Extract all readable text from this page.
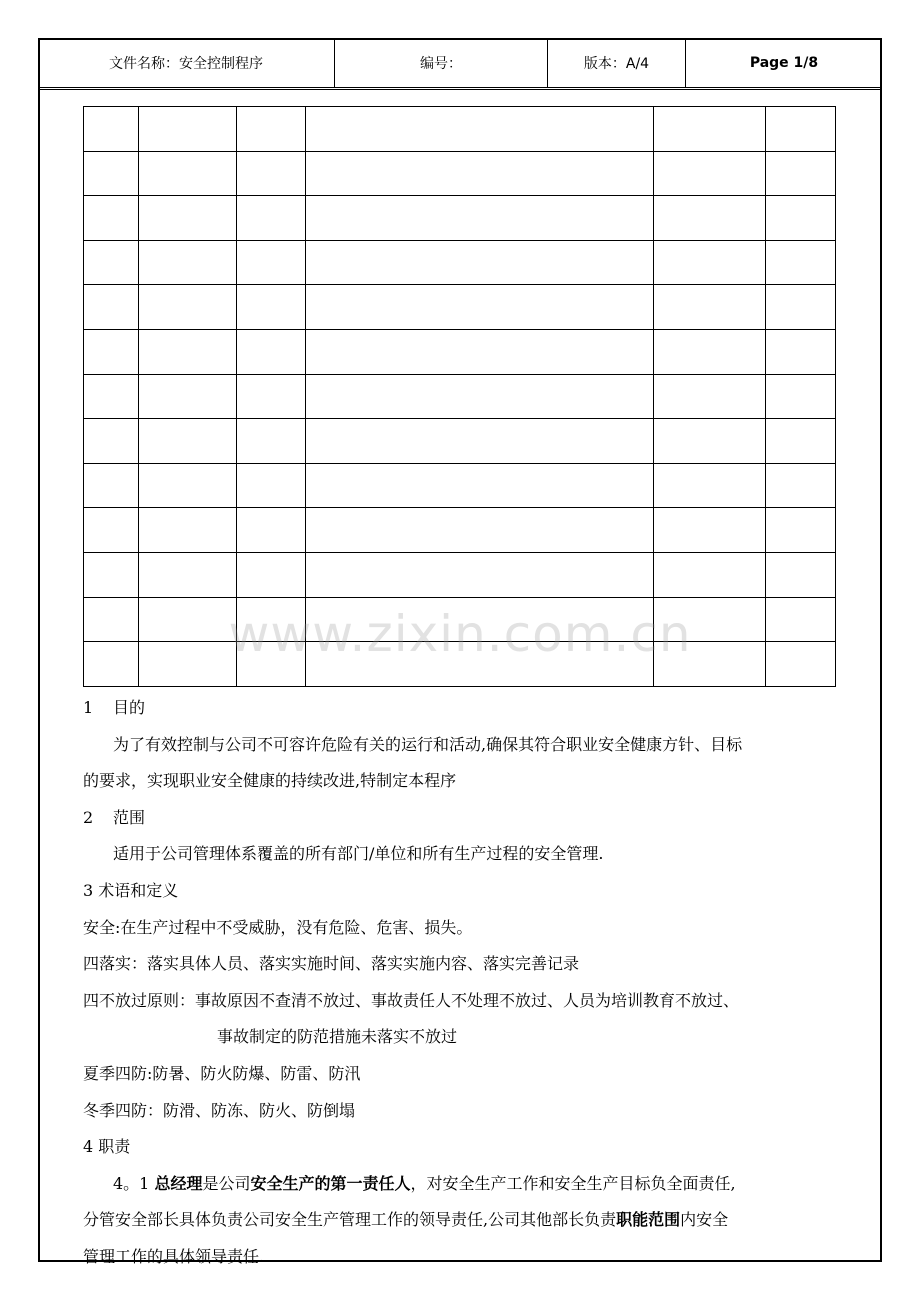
文件名称：安全控制程序	编号：	版本：A/4	Page 1/8

www.zixin.com.cn

1 目的

为了有效控制与公司不可容许危险有关的运行和活动,确保其符合职业安全健康方针、目标

的要求，实现职业安全健康的持续改进,特制定本程序

2 范围

适用于公司管理体系覆盖的所有部门/单位和所有生产过程的安全管理.

3 术语和定义

安全:在生产过程中不受威胁，没有危险、危害、损失。

四落实：落实具体人员、落实实施时间、落实实施内容、落实完善记录

四不放过原则：事故原因不查清不放过、事故责任人不处理不放过、人员为培训教育不放过、

事故制定的防范措施未落实不放过

夏季四防:防暑、防火防爆、防雷、防汛

冬季四防：防滑、防冻、防火、防倒塌

4 职责

4。1 总经理是公司安全生产的第一责任人，对安全生产工作和安全生产目标负全面责任,

分管安全部长具体负责公司安全生产管理工作的领导责任,公司其他部长负责职能范围内安全

管理工作的具体领导责任.
